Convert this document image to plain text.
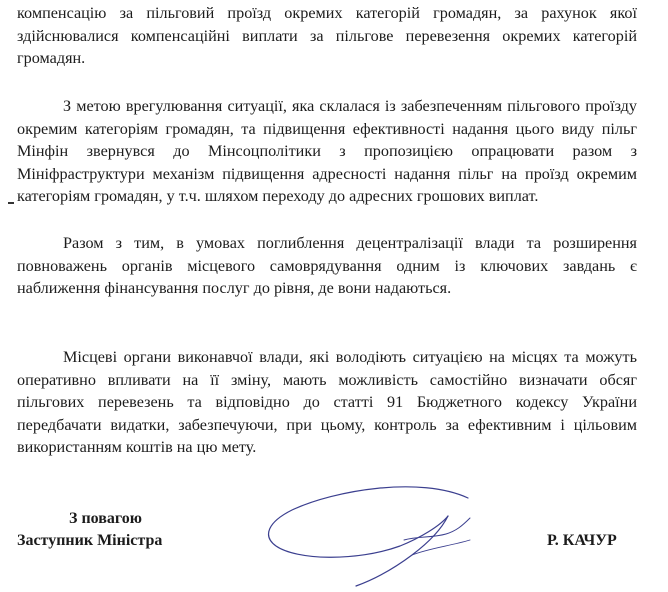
компенсацію за пільговий проїзд окремих категорій громадян, за рахунок якої здійснювалися компенсаційні виплати за пільгове перевезення окремих категорій громадян.

З метою врегулювання ситуації, яка склалася із забезпеченням пільгового проїзду окремим категоріям громадян, та підвищення ефективності надання цього виду пільг Мінфін звернувся до Мінсоцполітики з пропозицією опрацювати разом з Мініфраструктури механізм підвищення адресності надання пільг на проїзд окремим категоріям громадян, у т.ч. шляхом переходу до адресних грошових виплат.

Разом з тим, в умовах поглиблення децентралізації влади та розширення повноважень органів місцевого самоврядування одним із ключових завдань є наближення фінансування послуг до рівня, де вони надаються.

Місцеві органи виконавчої влади, які володіють ситуацією на місцях та можуть оперативно впливати на її зміну, мають можливість самостійно визначати обсяг пільгових перевезень та відповідно до статті 91 Бюджетного кодексу України передбачати видатки, забезпечуючи, при цьому, контроль за ефективним і цільовим використанням коштів на цю мету.

З повагою
Заступник Міністра	Р. КАЧУР
